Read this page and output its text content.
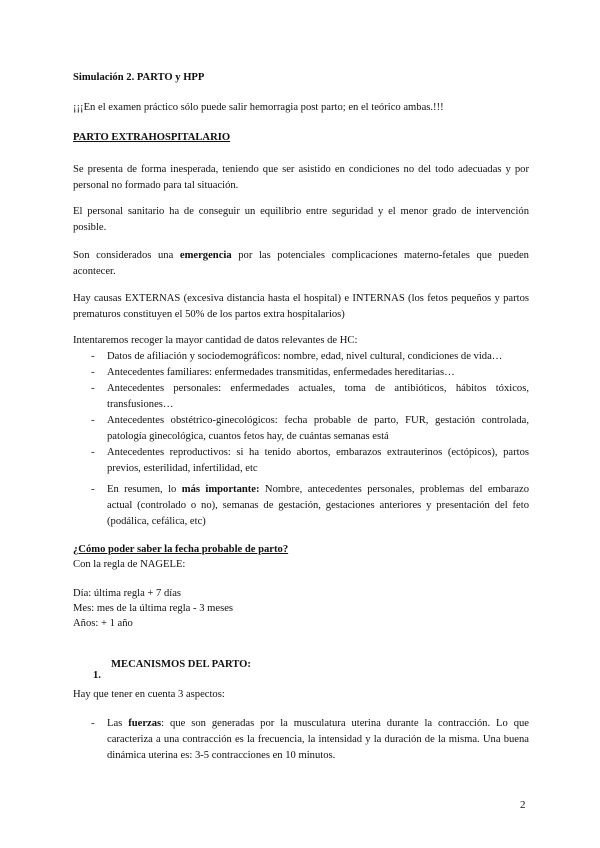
Simulación 2. PARTO y HPP

¡¡¡En el examen práctico sólo puede salir hemorragia post parto; en el teórico ambas.!!!

PARTO EXTRAHOSPITALARIO

Se presenta de forma inesperada, teniendo que ser asistido en condiciones no del todo adecuadas y por personal no formado para tal situación.

El personal sanitario ha de conseguir un equilibrio entre seguridad y el menor grado de intervención posible.

Son considerados una emergencia por las potenciales complicaciones materno-fetales que pueden acontecer.

Hay causas EXTERNAS (excesiva distancia hasta el hospital) e INTERNAS (los fetos pequeños y partos prematuros constituyen el 50% de los partos extra hospitalarios)

Intentaremos recoger la mayor cantidad de datos relevantes de HC:

- Datos de afiliación y sociodemográficos: nombre, edad, nivel cultural, condiciones de vida…
- Antecedentes familiares: enfermedades transmitidas, enfermedades hereditarias…
- Antecedentes personales: enfermedades actuales, toma de antibióticos, hábitos tóxicos, transfusiones…
- Antecedentes obstétrico-ginecológicos: fecha probable de parto, FUR, gestación controlada, patología ginecológica, cuantos fetos hay, de cuántas semanas está
- Antecedentes reproductivos: si ha tenido abortos, embarazos extrauterinos (ectópicos), partos previos, esterilidad, infertilidad, etc
- En resumen, lo más importante: Nombre, antecedentes personales, problemas del embarazo actual (controlado o no), semanas de gestación, gestaciones anteriores y presentación del feto (podálica, cefálica, etc)

¿Cómo poder saber la fecha probable de parto?

Con la regla de NAGELE:

Día: última regla + 7 días

Mes: mes de la última regla - 3 meses

Años: + 1 año

1.

MECANISMOS DEL PARTO:

Hay que tener en cuenta 3 aspectos:

- Las fuerzas: que son generadas por la musculatura uterina durante la contracción. Lo que caracteriza a una contracción es la frecuencia, la intensidad y la duración de la misma. Una buena dinámica uterina es: 3-5 contracciones en 10 minutos.
2
